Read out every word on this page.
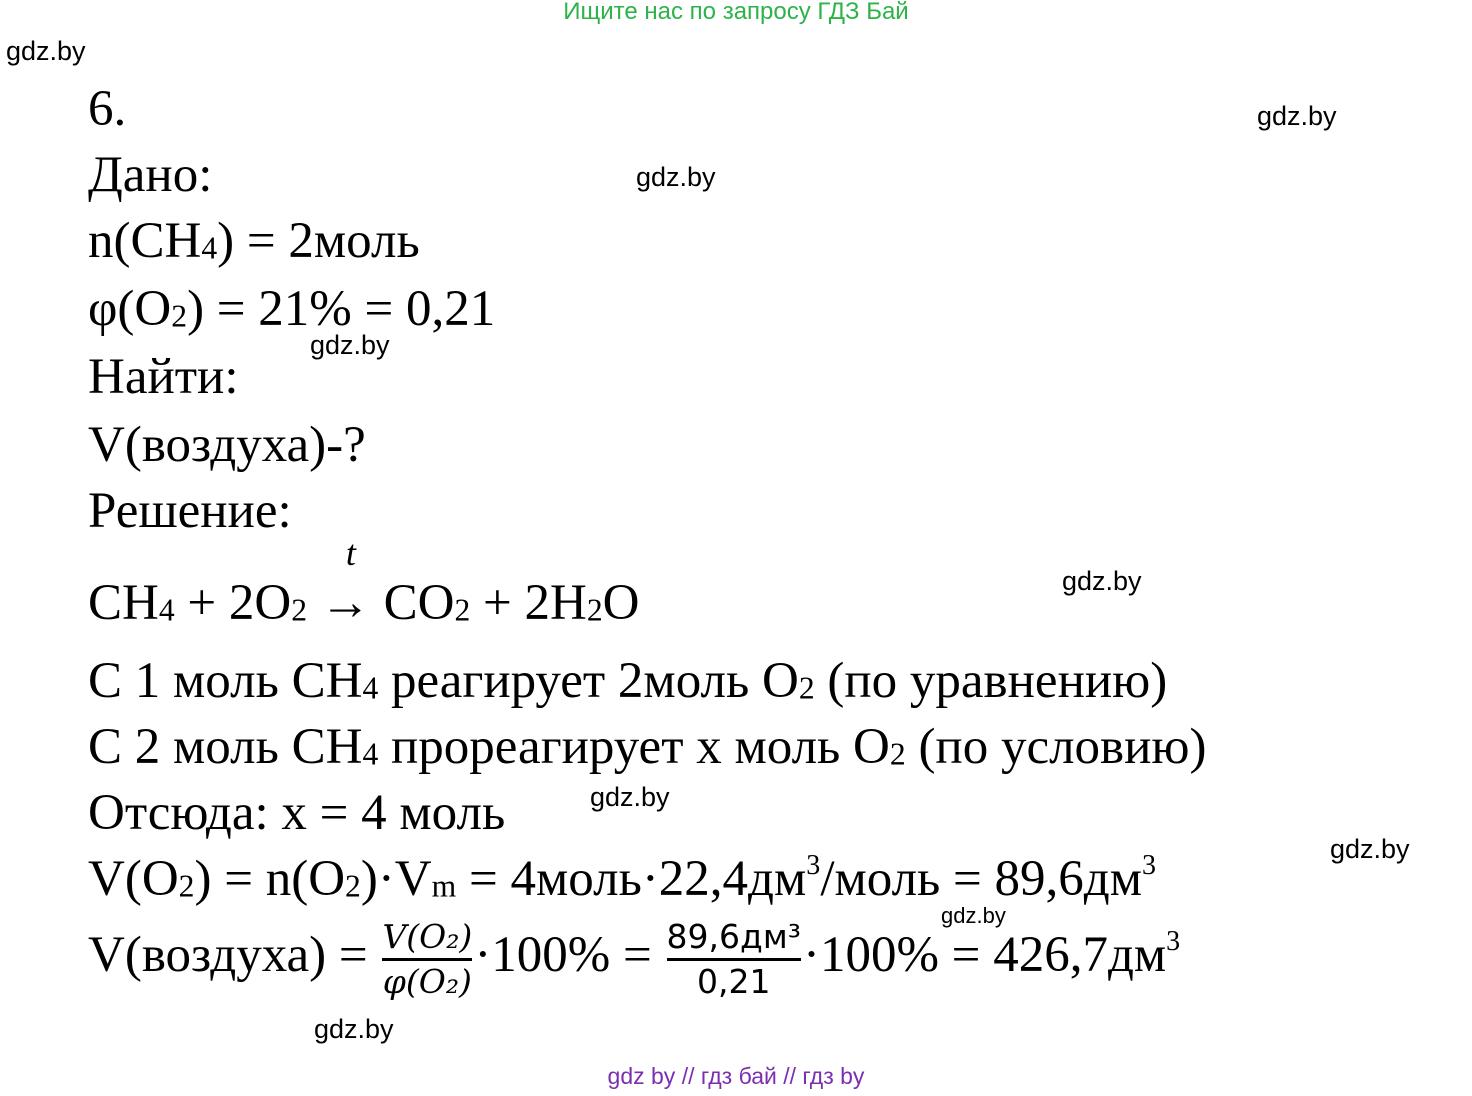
Ищите нас по запросу ГДЗ Бай
gdz.by
gdz.by
gdz.by
gdz.by
gdz.by
gdz.by
gdz.by
gdz.by
gdz.by
6.
Дано:
$n(CH_4)$ = 2моль
$\varphi(O_2) = 21\% = 0,21$
Найти:
V(воздуха)-?
Решение:
$CH_4 + 2O_2$
t
→ $CO_2 + 2H_2O$
С 1 моль $CH_4$ реагирует 2моль $O_2$ (по уравнению)
С 2 моль $CH_4$ прореагирует x моль $O_2$ (по условию)
Отсюда: x = 4 моль
$V(O_2) = n(O_2)\cdot V_m$ = $4моль\cdot 22,4дм^3$/моль = $89,6дм^3$
V(воздуха) = $\frac{\text{V(O₂)}}{\text{φ(O₂)}} \cdot 100\% = \frac{\text{89,6дм³}}{0,21} \cdot 100\% = 426,7дм^3$
gdz by // гдз бай // гдз by
